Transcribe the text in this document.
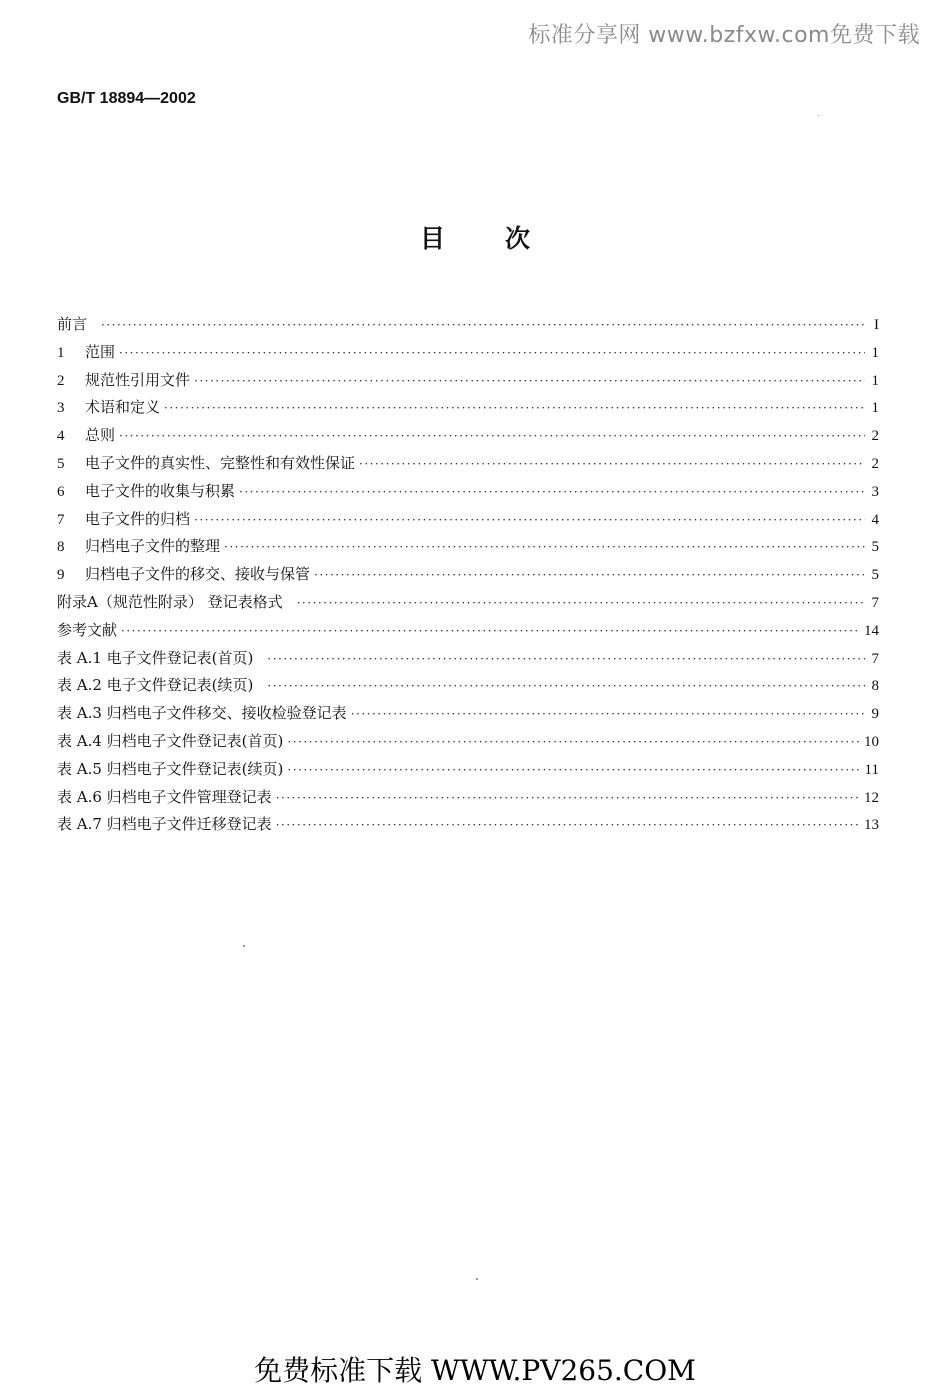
标准分享网 www.bzfxw.com免费下载
GB/T 18894—2002
目次
前言 ·····	I
1	范围 ·····	1
2	规范性引用文件 ·····	1
3	术语和定义 ·····	1
4	总则 ·····	2
5	电子文件的真实性、完整性和有效性保证 ·····	2
6	电子文件的收集与积累 ·····	3
7	电子文件的归档 ·····	4
8	归档电子文件的整理 ·····	5
9	归档电子文件的移交、接收与保管 ·····	5
附录A（规范性附录） 登记表格式 ·····	7
参考文献 ·····	14
表 A.1 电子文件登记表(首页) ·····	7
表 A.2 电子文件登记表(续页) ·····	8
表 A.3 归档电子文件移交、接收检验登记表 ·····	9
表 A.4 归档电子文件登记表(首页) ·····	10
表 A.5 归档电子文件登记表(续页) ·····	11
表 A.6 归档电子文件管理登记表 ·····	12
表 A.7 归档电子文件迁移登记表 ·····	13
免费标准下载 WWW.PV265.COM
